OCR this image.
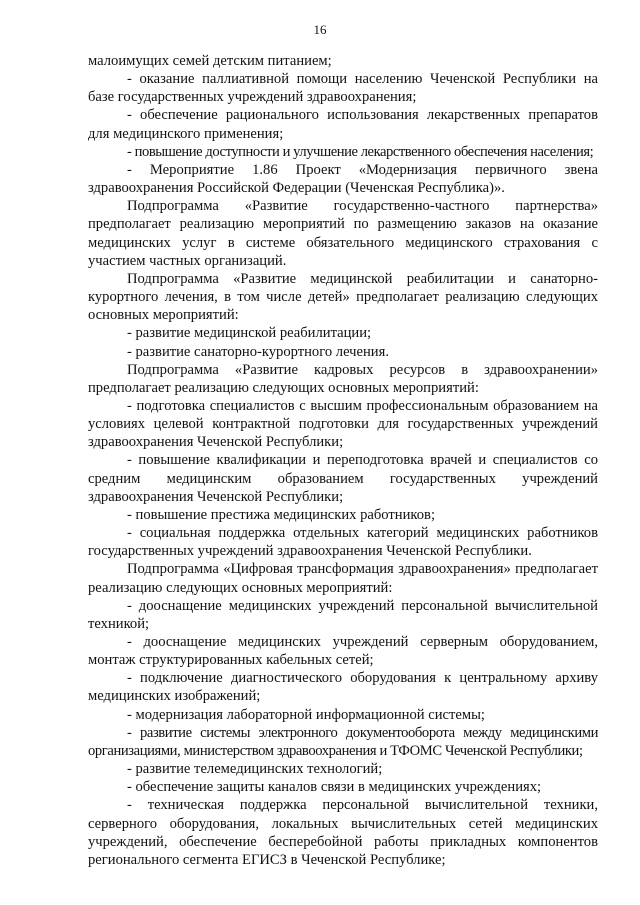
16

малоимущих семей детским питанием;

- оказание паллиативной помощи населению Чеченской Республики на базе государственных учреждений здравоохранения;

- обеспечение рационального использования лекарственных препаратов для медицинского применения;

- повышение доступности и улучшение лекарственного обеспечения населения;

- Мероприятие 1.86 Проект «Модернизация первичного звена здравоохранения Российской Федерации (Чеченская Республика)».

Подпрограмма «Развитие государственно-частного партнерства» предполагает реализацию мероприятий по размещению заказов на оказание медицинских услуг в системе обязательного медицинского страхования с участием частных организаций.

Подпрограмма «Развитие медицинской реабилитации и санаторно-курортного лечения, в том числе детей» предполагает реализацию следующих основных мероприятий:

- развитие медицинской реабилитации;

- развитие санаторно-курортного лечения.

Подпрограмма «Развитие кадровых ресурсов в здравоохранении» предполагает реализацию следующих основных мероприятий:

- подготовка специалистов с высшим профессиональным образованием на условиях целевой контрактной подготовки для государственных учреждений здравоохранения Чеченской Республики;

- повышение квалификации и переподготовка врачей и специалистов со средним медицинским образованием государственных учреждений здравоохранения Чеченской Республики;

- повышение престижа медицинских работников;

- социальная поддержка отдельных категорий медицинских работников государственных учреждений здравоохранения Чеченской Республики.

Подпрограмма «Цифровая трансформация здравоохранения» предполагает реализацию следующих основных мероприятий:

- дооснащение медицинских учреждений персональной вычислительной техникой;

- дооснащение медицинских учреждений серверным оборудованием, монтаж структурированных кабельных сетей;

- подключение диагностического оборудования к центральному архиву медицинских изображений;

- модернизация лабораторной информационной системы;

- развитие системы электронного документооборота между медицинскими организациями, министерством здравоохранения и ТФОМС Чеченской Республики;

- развитие телемедицинских технологий;

- обеспечение защиты каналов связи в медицинских учреждениях;

- техническая поддержка персональной вычислительной техники, серверного оборудования, локальных вычислительных сетей медицинских учреждений, обеспечение бесперебойной работы прикладных компонентов регионального сегмента ЕГИСЗ в Чеченской Республике;
